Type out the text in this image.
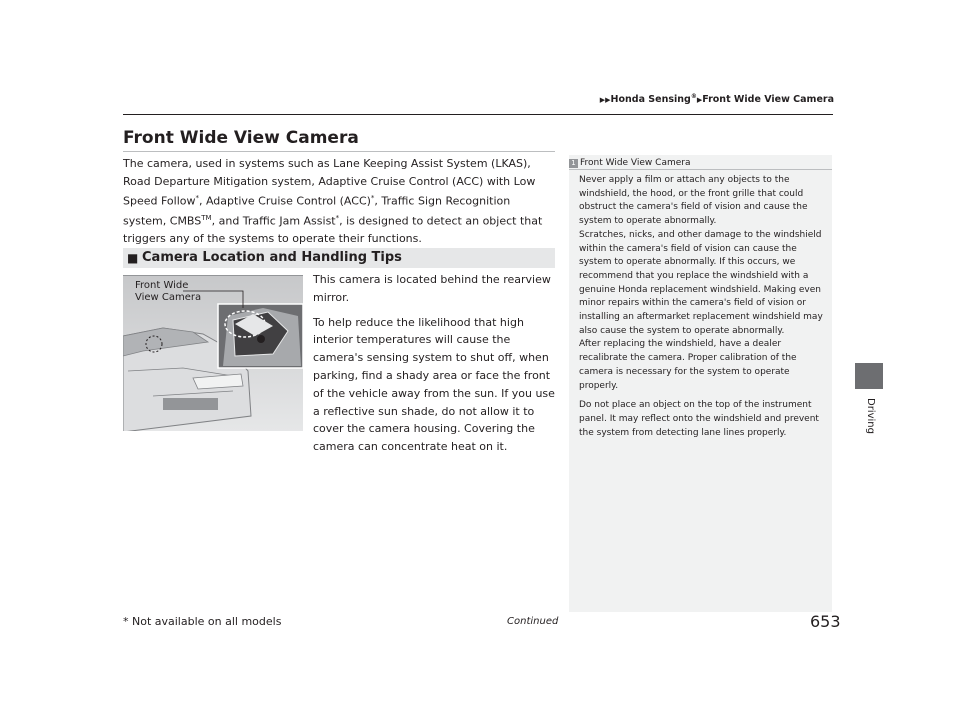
▶▶Honda Sensing®▶Front Wide View Camera
Driving
Front Wide View Camera
The camera, used in systems such as Lane Keeping Assist System (LKAS), Road Departure Mitigation system, Adaptive Cruise Control (ACC) with Low Speed Follow*, Adaptive Cruise Control (ACC)*, Traffic Sign Recognition system, CMBS™, and Traffic Jam Assist*, is designed to detect an object that triggers any of the systems to operate their functions.
■ Camera Location and Handling Tips
Front Wide
View Camera

This camera is located behind the rearview mirror.

To help reduce the likelihood that high interior temperatures will cause the camera's sensing system to shut off, when parking, find a shady area or face the front of the vehicle away from the sun. If you use a reflective sun shade, do not allow it to cover the camera housing. Covering the camera can concentrate heat on it.

1 Front Wide View Camera

Never apply a film or attach any objects to the windshield, the hood, or the front grille that could obstruct the camera's field of vision and cause the system to operate abnormally.

Scratches, nicks, and other damage to the windshield within the camera's field of vision can cause the system to operate abnormally. If this occurs, we recommend that you replace the windshield with a genuine Honda replacement windshield. Making even minor repairs within the camera's field of vision or installing an aftermarket replacement windshield may also cause the system to operate abnormally.

After replacing the windshield, have a dealer recalibrate the camera. Proper calibration of the camera is necessary for the system to operate properly.

Do not place an object on the top of the instrument panel. It may reflect onto the windshield and prevent the system from detecting lane lines properly.

* Not available on all models	Continued	653
